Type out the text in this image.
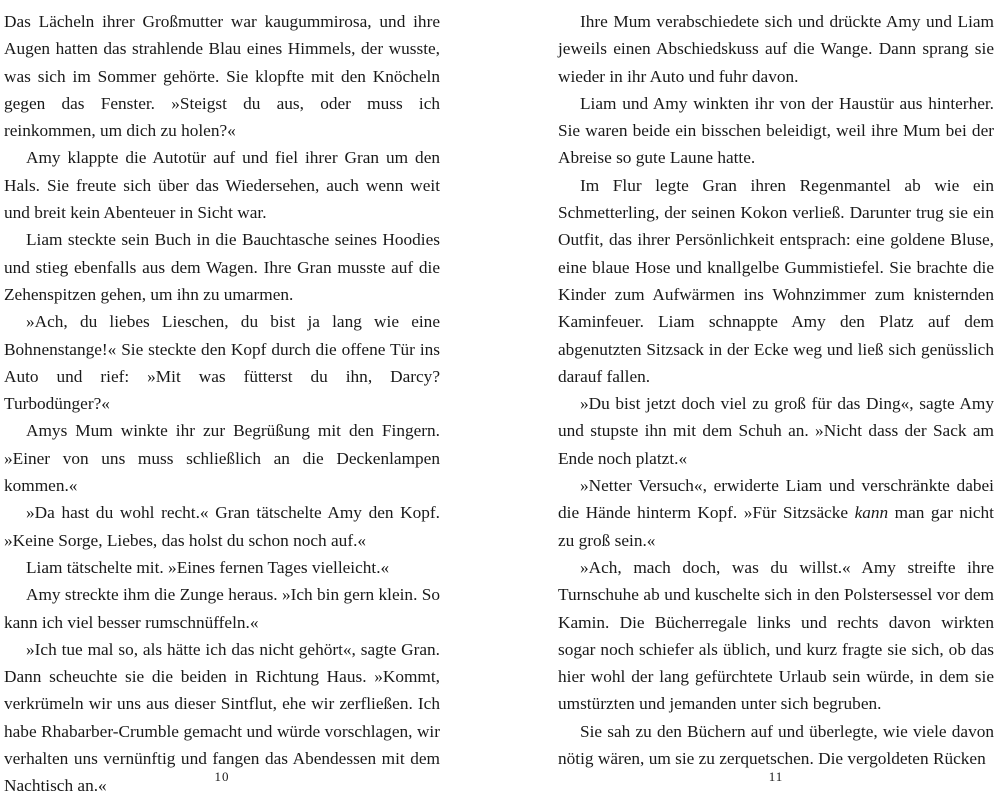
Das Lächeln ihrer Großmutter war kaugummirosa, und ihre Augen hatten das strahlende Blau eines Himmels, der wusste, was sich im Sommer gehörte. Sie klopfte mit den Knöcheln gegen das Fenster. »Steigst du aus, oder muss ich reinkommen, um dich zu holen?«

Amy klappte die Autotür auf und fiel ihrer Gran um den Hals. Sie freute sich über das Wiedersehen, auch wenn weit und breit kein Abenteuer in Sicht war.

Liam steckte sein Buch in die Bauchtasche seines Hoodies und stieg ebenfalls aus dem Wagen. Ihre Gran musste auf die Zehenspitzen gehen, um ihn zu umarmen.

»Ach, du liebes Lieschen, du bist ja lang wie eine Bohnenstange!« Sie steckte den Kopf durch die offene Tür ins Auto und rief: »Mit was fütterst du ihn, Darcy? Turbodünger?«

Amys Mum winkte ihr zur Begrüßung mit den Fingern. »Einer von uns muss schließlich an die Deckenlampen kommen.«

»Da hast du wohl recht.« Gran tätschelte Amy den Kopf. »Keine Sorge, Liebes, das holst du schon noch auf.«

Liam tätschelte mit. »Eines fernen Tages vielleicht.«

Amy streckte ihm die Zunge heraus. »Ich bin gern klein. So kann ich viel besser rumschnüffeln.«

»Ich tue mal so, als hätte ich das nicht gehört«, sagte Gran. Dann scheuchte sie die beiden in Richtung Haus. »Kommt, verkrümeln wir uns aus dieser Sintflut, ehe wir zerfließen. Ich habe Rhabarber-Crumble gemacht und würde vorschlagen, wir verhalten uns vernünftig und fangen das Abendessen mit dem Nachtisch an.«	10

Ihre Mum verabschiedete sich und drückte Amy und Liam jeweils einen Abschiedskuss auf die Wange. Dann sprang sie wieder in ihr Auto und fuhr davon.

Liam und Amy winkten ihr von der Haustür aus hinterher. Sie waren beide ein bisschen beleidigt, weil ihre Mum bei der Abreise so gute Laune hatte.

Im Flur legte Gran ihren Regenmantel ab wie ein Schmetterling, der seinen Kokon verließ. Darunter trug sie ein Outfit, das ihrer Persönlichkeit entsprach: eine goldene Bluse, eine blaue Hose und knallgelbe Gummistiefel. Sie brachte die Kinder zum Aufwärmen ins Wohnzimmer zum knisternden Kaminfeuer. Liam schnappte Amy den Platz auf dem abgenutzten Sitzsack in der Ecke weg und ließ sich genüsslich darauf fallen.

»Du bist jetzt doch viel zu groß für das Ding«, sagte Amy und stupste ihn mit dem Schuh an. »Nicht dass der Sack am Ende noch platzt.«

»Netter Versuch«, erwiderte Liam und verschränkte dabei die Hände hinterm Kopf. »Für Sitzsäcke kann man gar nicht zu groß sein.«

»Ach, mach doch, was du willst.« Amy streifte ihre Turnschuhe ab und kuschelte sich in den Polstersessel vor dem Kamin. Die Bücherregale links und rechts davon wirkten sogar noch schiefer als üblich, und kurz fragte sie sich, ob das hier wohl der lang gefürchtete Urlaub sein würde, in dem sie umstürzten und jemanden unter sich begruben.

Sie sah zu den Büchern auf und überlegte, wie viele davon nötig wären, um sie zu zerquetschen. Die vergoldeten Rücken

11
